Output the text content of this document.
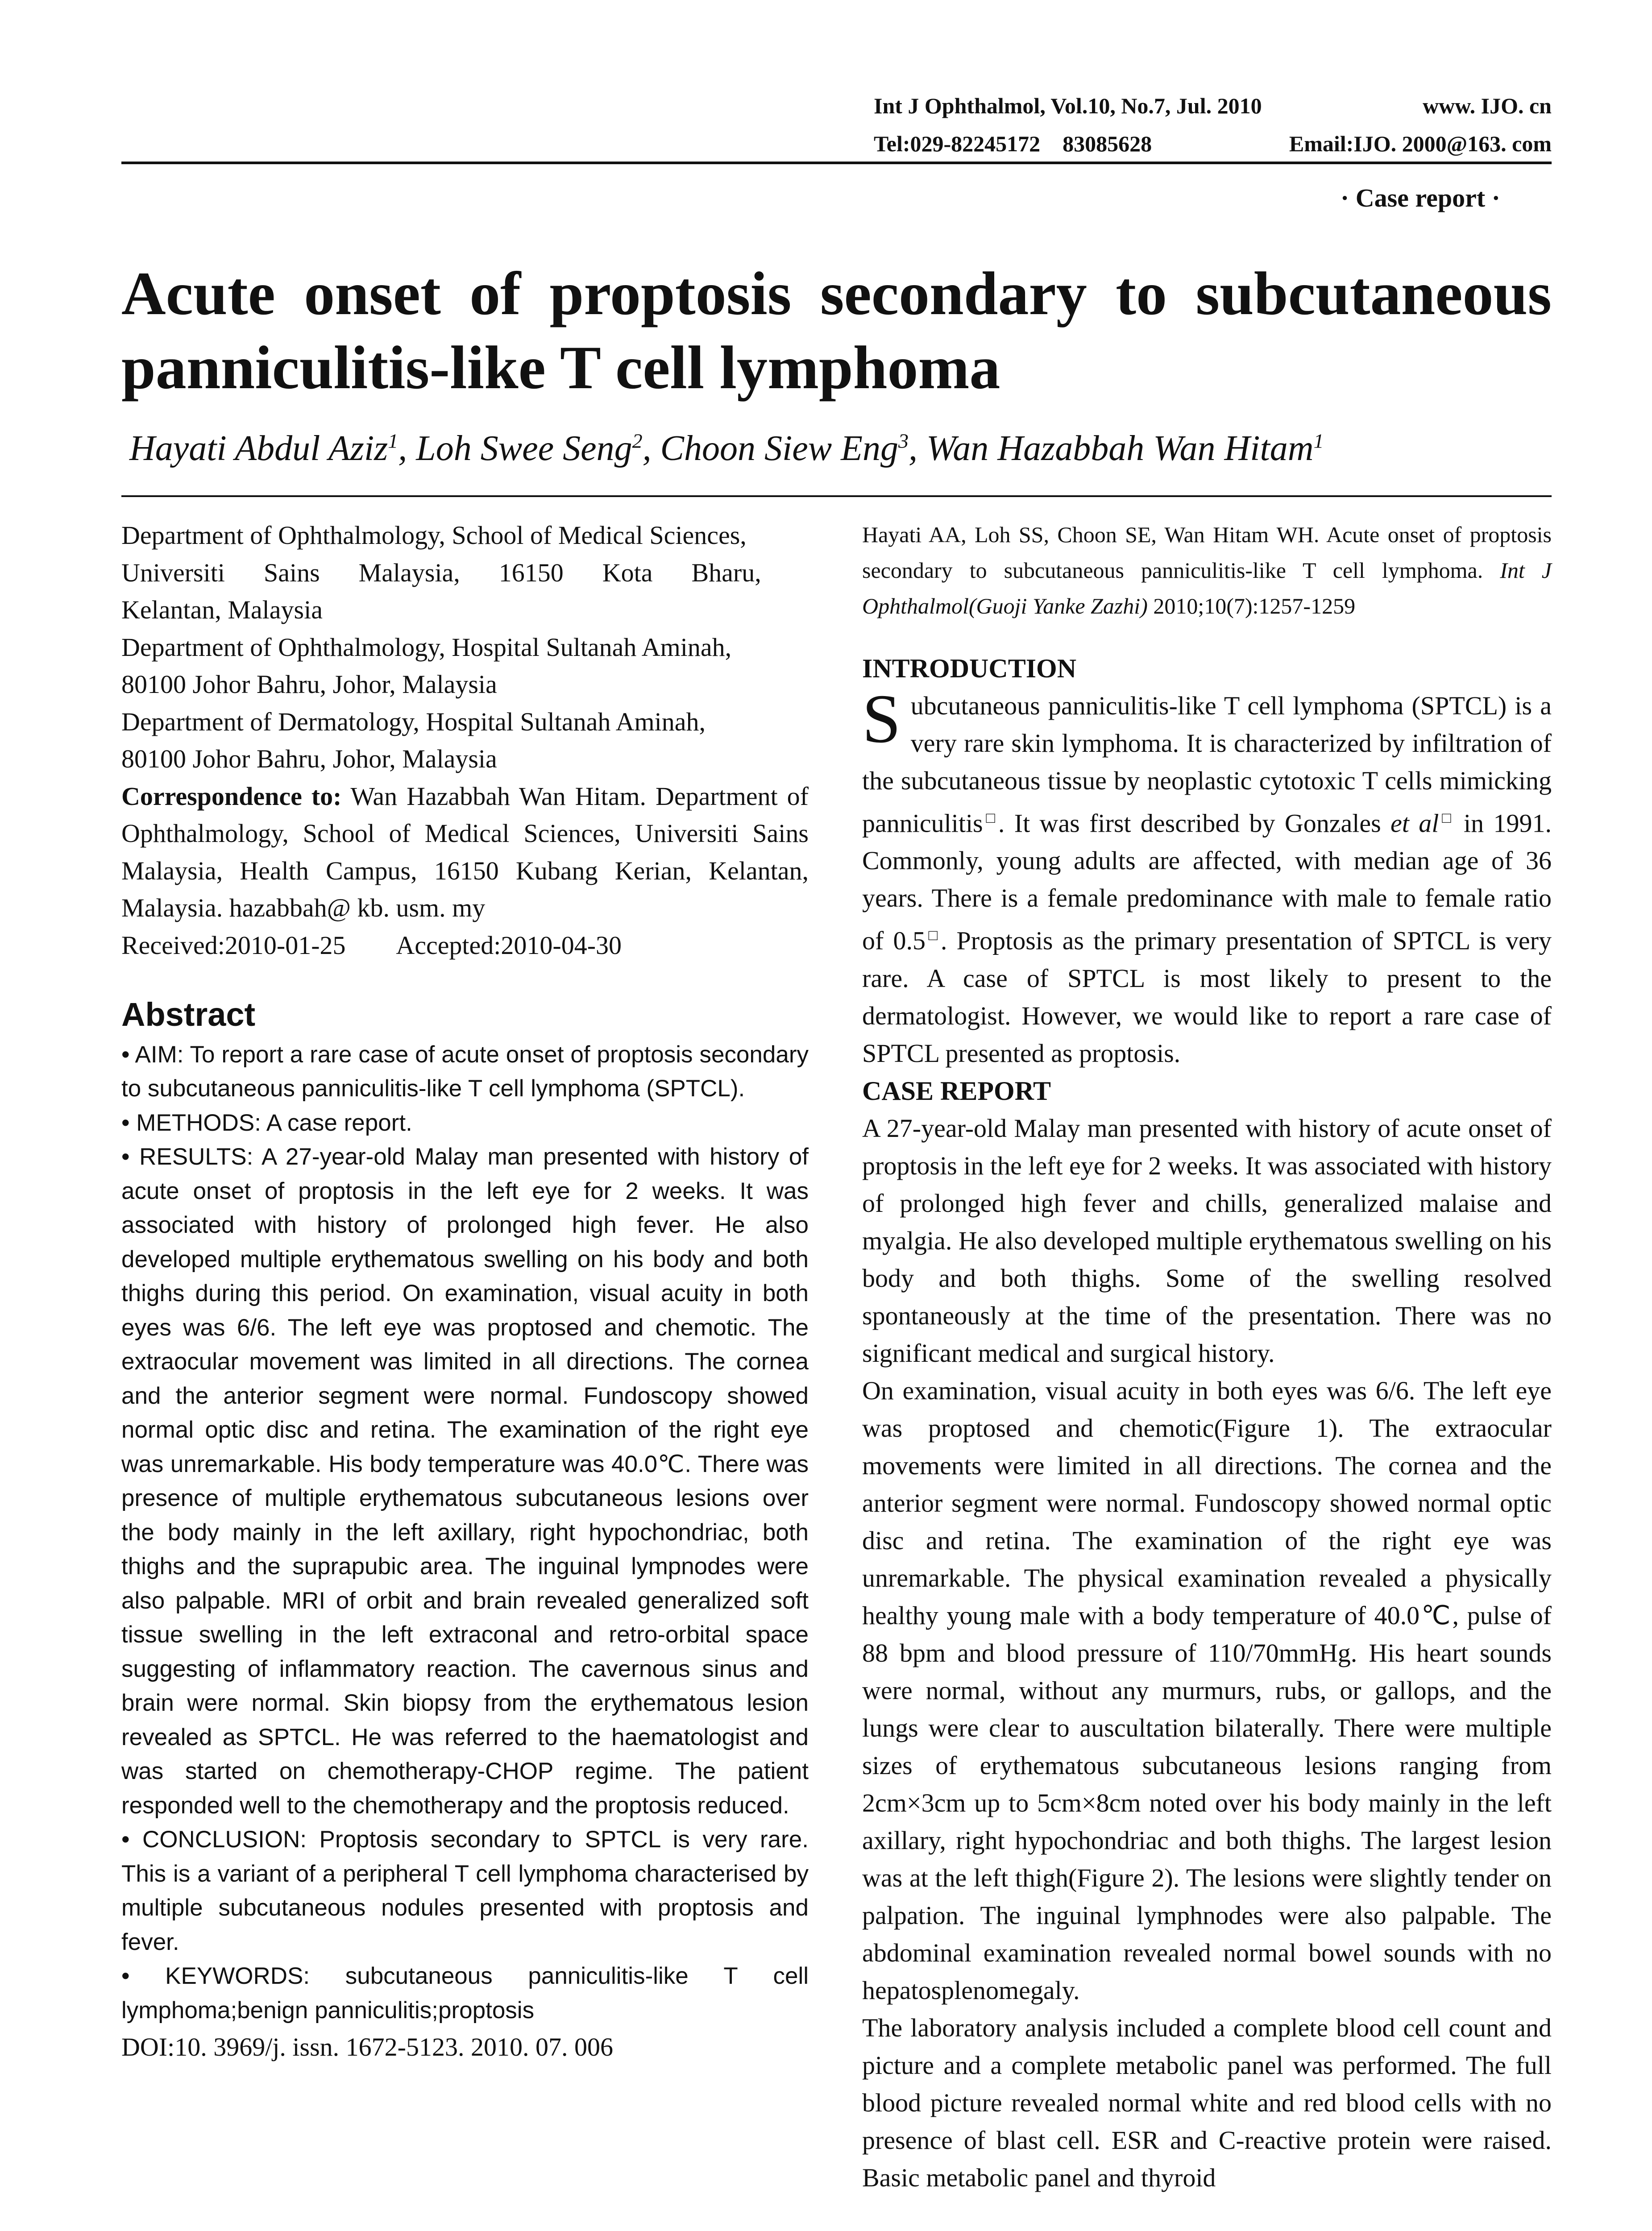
Int J Ophthalmol, Vol.10, No.7, Jul. 2010	www. IJO. cn
Tel:029-82245172    83085628	Email:IJO. 2000@163. com
· Case report ·
Acute onset of proptosis secondary to subcutaneous
panniculitis-like T cell lymphoma
Hayati Abdul Aziz$^1$, Loh Swee Seng$^2$, Choon Siew Eng$^3$, Wan Hazabbah Wan Hitam$^1$

Department of Ophthalmology, School of Medical Sciences,

Universiti      Sains      Malaysia,      16150      Kota      Bharu,

Kelantan, Malaysia

Department of Ophthalmology, Hospital Sultanah Aminah,

80100 Johor Bahru, Johor, Malaysia

Department of Dermatology, Hospital Sultanah Aminah,

80100 Johor Bahru, Johor, Malaysia

Correspondence to: Wan Hazabbah Wan Hitam. Department of Ophthalmology, School of Medical Sciences, Universiti Sains Malaysia, Health Campus, 16150 Kubang Kerian, Kelantan, Malaysia. hazabbah@ kb. usm. my

Received:2010-01-25        Accepted:2010-04-30

Abstract

• AIM: To report a rare case of acute onset of proptosis secondary to subcutaneous panniculitis-like T cell lymphoma (SPTCL).

• METHODS: A case report.

• RESULTS: A 27-year-old Malay man presented with history of acute onset of proptosis in the left eye for 2 weeks. It was associated with history of prolonged high fever. He also developed multiple erythematous swelling on his body and both thighs during this period. On examination, visual acuity in both eyes was 6/6. The left eye was proptosed and chemotic. The extraocular movement was limited in all directions. The cornea and the anterior segment were normal. Fundoscopy showed normal optic disc and retina. The examination of the right eye was unremarkable. His body temperature was 40.0℃. There was presence of multiple erythematous subcutaneous lesions over the body mainly in the left axillary, right hypochondriac, both thighs and the suprapubic area. The inguinal lympnodes were also palpable. MRI of orbit and brain revealed generalized soft tissue swelling in the left extraconal and retro-orbital space suggesting of inflammatory reaction. The cavernous sinus and brain were normal. Skin biopsy from the erythematous lesion revealed as SPTCL. He was referred to the haematologist and was started on chemotherapy-CHOP regime. The patient responded well to the chemotherapy and the proptosis reduced.

• CONCLUSION: Proptosis secondary to SPTCL is very rare. This is a variant of a peripheral T cell lymphoma characterised by multiple subcutaneous nodules presented with proptosis and fever.

• KEYWORDS: subcutaneous panniculitis-like T cell lymphoma;benign panniculitis;proptosis

DOI:10. 3969/j. issn. 1672-5123. 2010. 07. 006
Hayati AA, Loh SS, Choon SE, Wan Hitam WH. Acute onset of proptosis secondary to subcutaneous panniculitis-like T cell lymphoma. Int J Ophthalmol(Guoji Yanke Zazhi) 2010;10(7):1257-1259
INTRODUCTION

Subcutaneous panniculitis-like T cell lymphoma (SPTCL) is a very rare skin lymphoma. It is characterized by infiltration of the subcutaneous tissue by neoplastic cytotoxic T cells mimicking panniculitis□. It was first described by Gonzales et al□ in 1991. Commonly, young adults are affected, with median age of 36 years. There is a female predominance with male to female ratio of 0.5□. Proptosis as the primary presentation of SPTCL is very rare. A case of SPTCL is most likely to present to the dermatologist. However, we would like to report a rare case of SPTCL presented as proptosis.

CASE REPORT

A 27-year-old Malay man presented with history of acute onset of proptosis in the left eye for 2 weeks. It was associated with history of prolonged high fever and chills, generalized malaise and myalgia. He also developed multiple erythematous swelling on his body and both thighs. Some of the swelling resolved spontaneously at the time of the presentation. There was no significant medical and surgical history.

On examination, visual acuity in both eyes was 6/6. The left eye was proptosed and chemotic(Figure 1). The extraocular movements were limited in all directions. The cornea and the anterior segment were normal. Fundoscopy showed normal optic disc and retina. The examination of the right eye was unremarkable. The physical examination revealed a physically healthy young male with a body temperature of 40.0℃, pulse of 88 bpm and blood pressure of 110/70mmHg. His heart sounds were normal, without any murmurs, rubs, or gallops, and the lungs were clear to auscultation bilaterally. There were multiple sizes of erythematous subcutaneous lesions ranging from 2cm×3cm up to 5cm×8cm noted over his body mainly in the left axillary, right hypochondriac and both thighs. The largest lesion was at the left thigh(Figure 2). The lesions were slightly tender on palpation. The inguinal lymphnodes were also palpable. The abdominal examination revealed normal bowel sounds with no hepatosplenomegaly.

The laboratory analysis included a complete blood cell count and picture and a complete metabolic panel was performed. The full blood picture revealed normal white and red blood cells with no presence of blast cell. ESR and C-reactive protein were raised. Basic metabolic panel and thyroid
